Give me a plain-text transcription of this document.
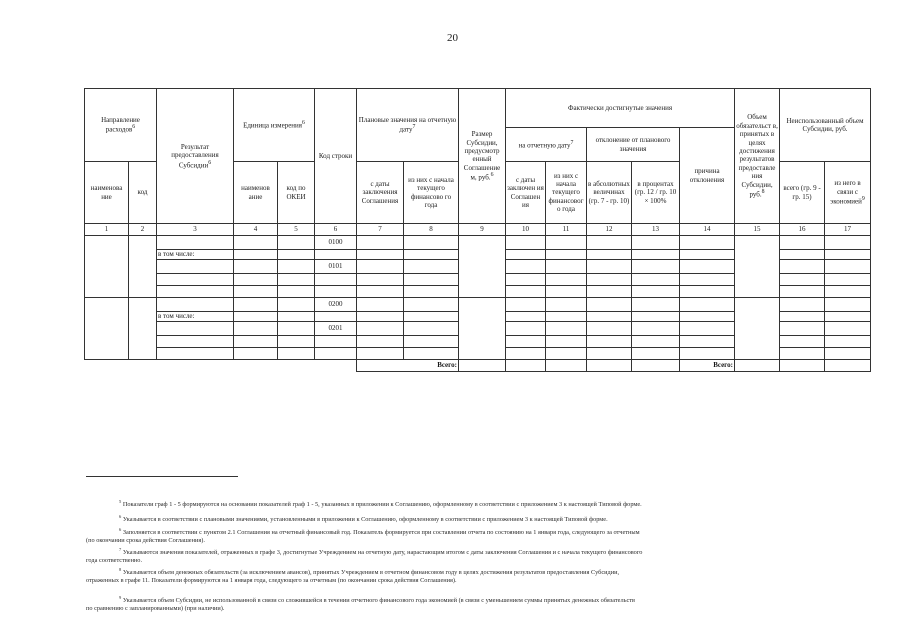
20
Направление расходов$^6$		Результат предоставления Субсидии$^6$	Единица измерения$^6$		Код строки	Плановые значения на отчетную дату$^7$		Размер Субсидии, предусмотр енный Соглашение м, руб.$^6$	Фактически достигнутые значения					Объем обязательст в, принятых в целях достижения результатов предоставле ния Субсидии, руб.$^8$	Неиспользованный объем Субсидии, руб.	
									на отчетную дату$^7$		отклонение от планового значения		причина отклонения			
наименова ние	код		наименов ание	код по ОКЕИ		с даты заключения Соглашения	из них с начала текущего финансово го года		с даты заключен ия Соглашен ия	из них с начала текущего финансовог о года	в абсолютных величинах (гр. 7 - гр. 10)	в процентах (гр. 12 / гр. 10 × 100%			всего (гр. 9 - гр. 15)	из него в связи с экономией$^9$
1	2	3	4	5	6	7	8	9	10	11	12	13	14	15	16	17
					0100											
		в том числе:														
					0101											

					0200											
		в том числе:														
					0201											

						Всего:							Всего:			
$^5$ Показатели граф 1 - 5 формируются на основании показателей граф 1 - 5, указанных в приложении к Соглашению, оформленному в соответствии с приложением 3 к настоящей Типовой форме.
$^6$ Указывается в соответствии с плановыми значениями, установленными в приложении к Соглашению, оформленному в соответствии с приложением 3 к настоящей Типовой форме.
$^6$ Заполняется в соответствии с пунктом 2.1 Соглашения на отчетный финансовый год. Показатель формируется при составлении отчета по состоянию на 1 января года, следующего за отчетным
(по окончании срока действия Соглашения).
$^7$ Указываются значения показателей, отраженных в графе 3, достигнутые Учреждением на отчетную дату, нарастающим итогом с даты заключения Соглашения и с начала текущего финансового
года соответственно.
$^8$ Указывается объем денежных обязательств (за исключением авансов), принятых Учреждением в отчетном финансовом году в целях достижения результатов предоставления Субсидии,
отраженных в графе 11. Показатели формируются на 1 января года, следующего за отчетным (по окончании срока действия Соглашения).
$^9$ Указывается объем Субсидии, не использованной в связи со сложившейся в течении отчетного финансового года экономией (в связи с уменьшением суммы принятых денежных обязательств
по сравнению с запланированными) (при наличии).
